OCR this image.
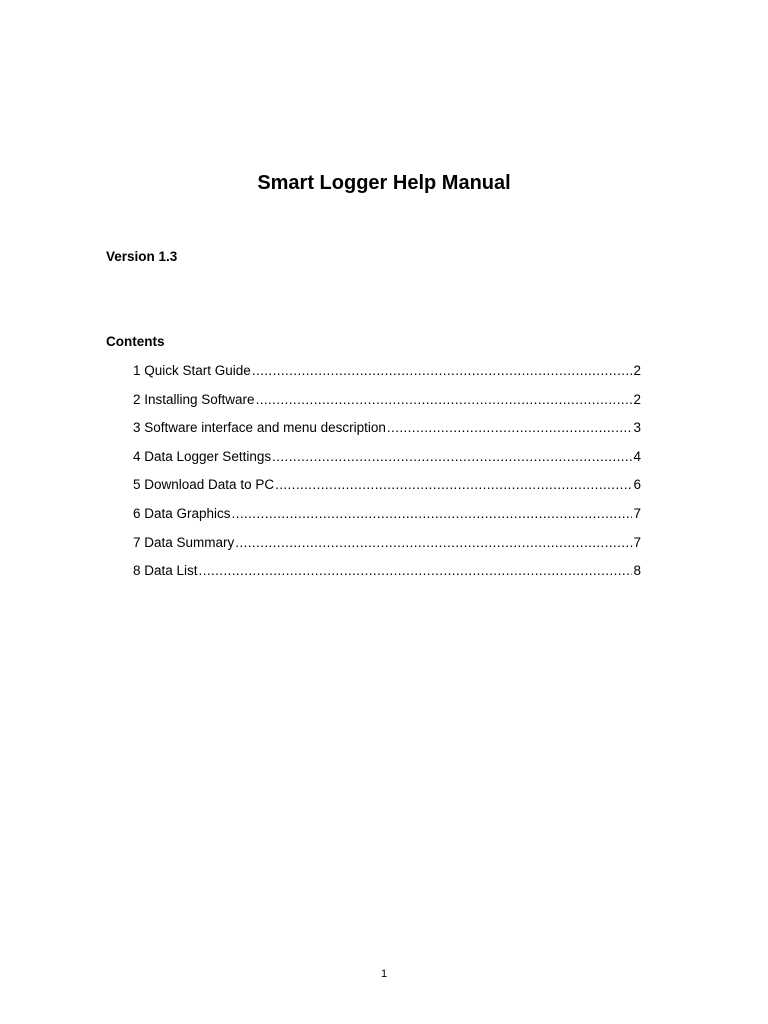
Smart Logger Help Manual
Version 1.3
Contents
1 Quick Start Guide .....	2
2 Installing Software .....	2
3 Software interface and menu description .....	3
4 Data Logger Settings .....	4
5 Download Data to PC .....	6
6 Data Graphics .....	7
7 Data Summary .....	7
8 Data List .....	8
1
